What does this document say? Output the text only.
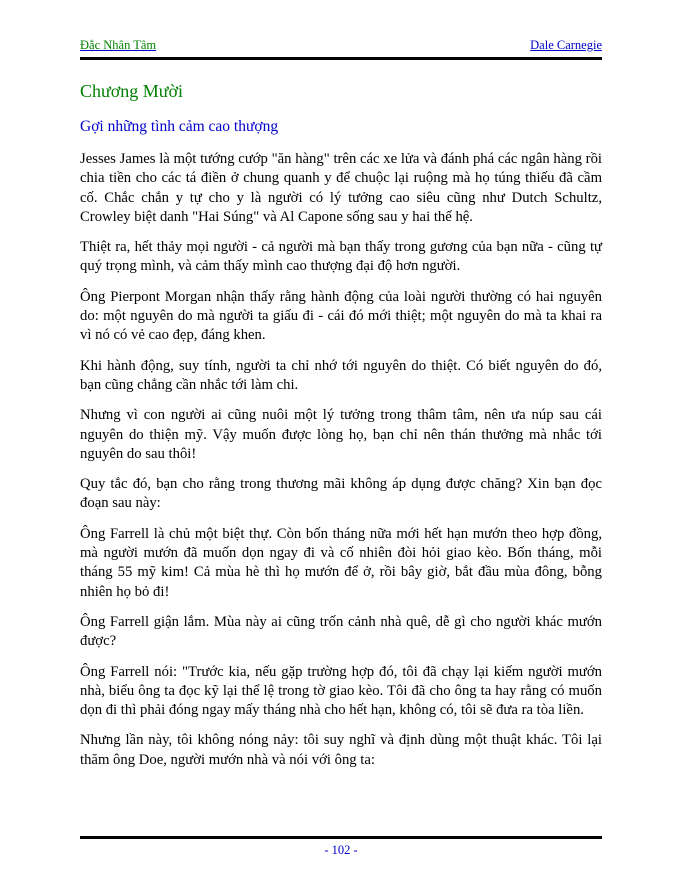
Đắc Nhân Tâm	Dale Carnegie
Chương Mười
Gợi những tình cảm cao thượng

Jesses James là một tướng cướp "ăn hàng" trên các xe lửa và đánh phá các ngân hàng rồi chia tiền cho các tá điền ở chung quanh y để chuộc lại ruộng mà họ túng thiếu đã cầm cố. Chắc chắn y tự cho y là người có lý tưởng cao siêu cũng như Dutch Schultz, Crowley biệt danh "Hai Súng" và Al Capone sống sau y hai thế hệ.

Thiệt ra, hết thảy mọi người - cả người mà bạn thấy trong gương của bạn nữa - cũng tự quý trọng mình, và cảm thấy mình cao thượng đại độ hơn người.

Ông Pierpont Morgan nhận thấy rằng hành động của loài người thường có hai nguyên do: một nguyên do mà người ta giấu đi - cái đó mới thiệt; một nguyên do mà ta khai ra vì nó có vẻ cao đẹp, đáng khen.

Khi hành động, suy tính, người ta chỉ nhớ tới nguyên do thiệt. Có biết nguyên do đó, bạn cũng chẳng cần nhắc tới làm chi.

Nhưng vì con người ai cũng nuôi một lý tưởng trong thâm tâm, nên ưa núp sau cái nguyên do thiện mỹ. Vậy muốn được lòng họ, bạn chỉ nên thán thưởng mà nhắc tới nguyên do sau thôi!

Quy tắc đó, bạn cho rằng trong thương mãi không áp dụng được chăng? Xin bạn đọc đoạn sau này:

Ông Farrell là chủ một biệt thự. Còn bốn tháng nữa mới hết hạn mướn theo hợp đồng, mà người mướn đã muốn dọn ngay đi và cố nhiên đòi hỏi giao kèo. Bốn tháng, mỗi tháng 55 mỹ kim! Cả mùa hè thì họ mướn để ở, rồi bây giờ, bắt đầu mùa đông, bỗng nhiên họ bỏ đi!

Ông Farrell giận lắm. Mùa này ai cũng trốn cảnh nhà quê, dễ gì cho người khác mướn được?

Ông Farrell nói: "Trước kia, nếu gặp trường hợp đó, tôi đã chạy lại kiếm người mướn nhà, biểu ông ta đọc kỹ lại thể lệ trong tờ giao kèo. Tôi đã cho ông ta hay rằng có muốn dọn đi thì phải đóng ngay mấy tháng nhà cho hết hạn, không có, tôi sẽ đưa ra tòa liền.

Nhưng lần này, tôi không nóng nảy: tôi suy nghĩ và định dùng một thuật khác. Tôi lại thăm ông Doe, người mướn nhà và nói với ông ta:

- 102 -
